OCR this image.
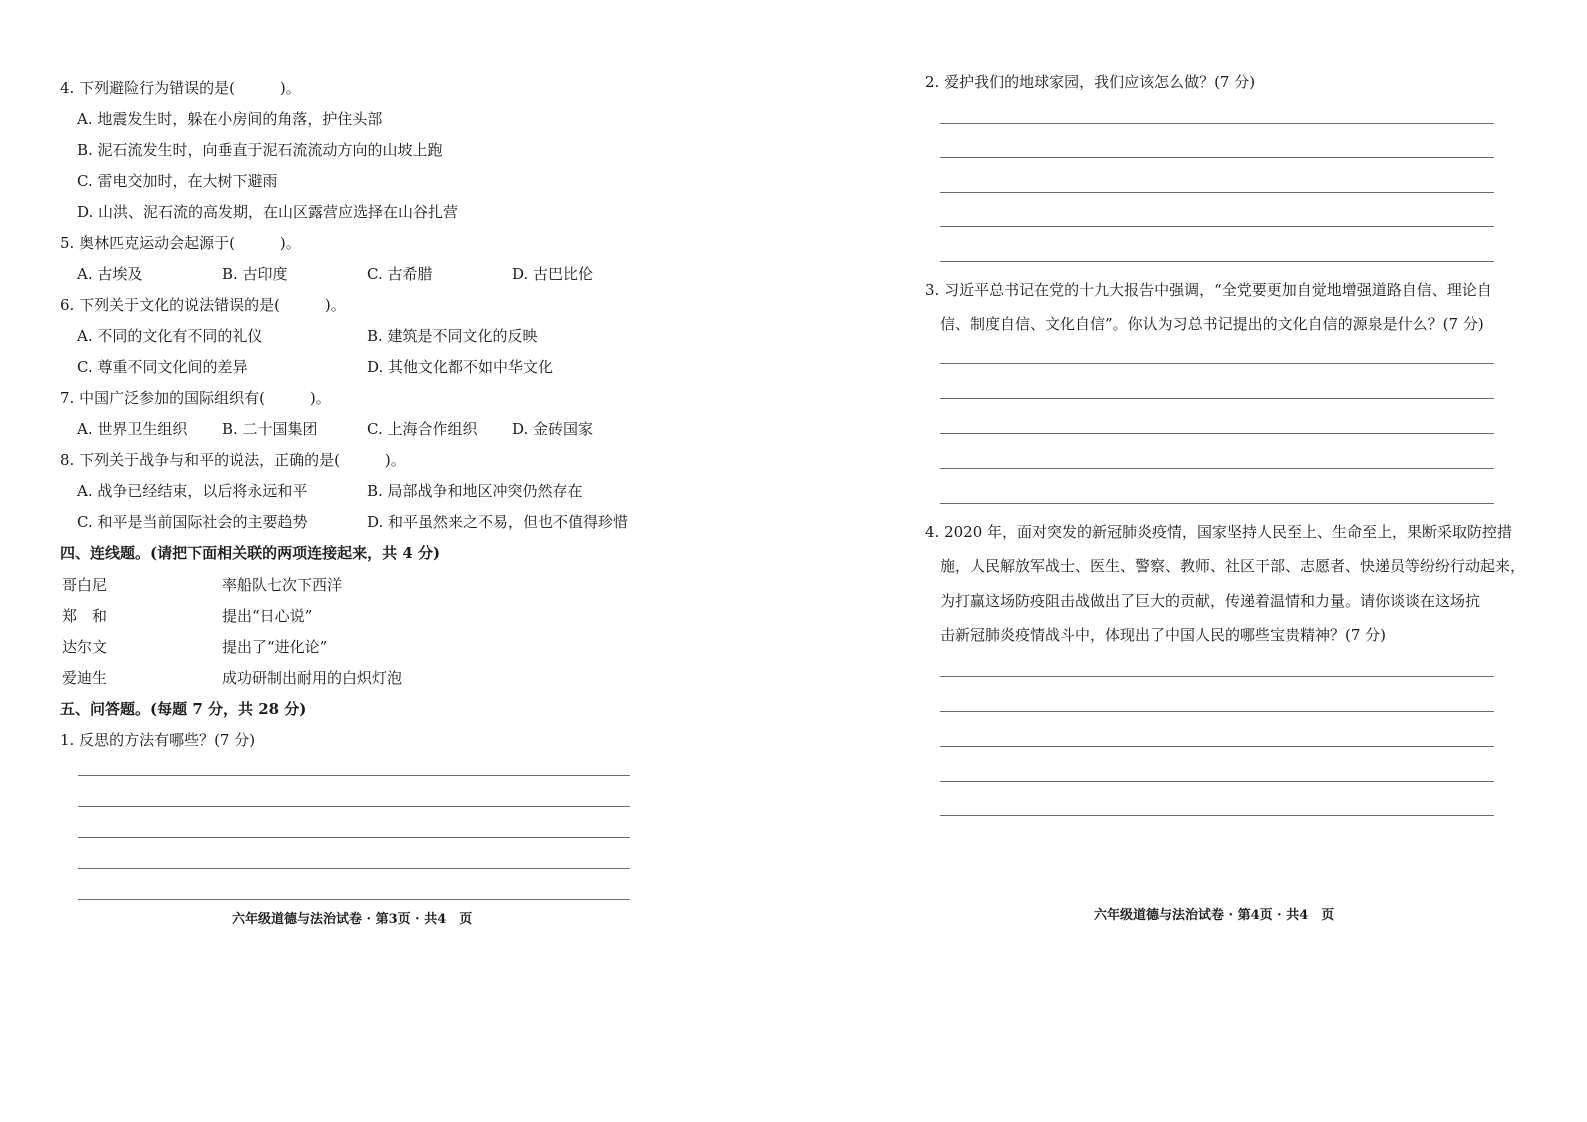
4. 下列避险行为错误的是(　　　)。
A. 地震发生时，躲在小房间的角落，护住头部
B. 泥石流发生时，向垂直于泥石流流动方向的山坡上跑
C. 雷电交加时，在大树下避雨
D. 山洪、泥石流的高发期，在山区露营应选择在山谷扎营
5. 奥林匹克运动会起源于(　　　)。
A. 古埃及	B. 古印度	C. 古希腊	D. 古巴比伦
6. 下列关于文化的说法错误的是(　　　)。
A. 不同的文化有不同的礼仪	B. 建筑是不同文化的反映
C. 尊重不同文化间的差异	D. 其他文化都不如中华文化
7. 中国广泛参加的国际组织有(　　　)。
A. 世界卫生组织 B. 二十国集团	C. 上海合作组织 D. 金砖国家
8. 下列关于战争与和平的说法，正确的是(　　　)。
A. 战争已经结束，以后将永远和平	B. 局部战争和地区冲突仍然存在
C. 和平是当前国际社会的主要趋势	D. 和平虽然来之不易，但也不值得珍惜
四、连线题。(请把下面相关联的两项连接起来，共 4 分)
哥白尼	率船队七次下西洋
郑　和	提出“日心说”
达尔文	提出了“进化论”
爱迪生	成功研制出耐用的白炽灯泡
五、问答题。(每题 7 分，共 28 分)
1. 反思的方法有哪些？(7 分)
六年级道德与法治试卷 · 第3页 · 共4　页
2. 爱护我们的地球家园，我们应该怎么做？(7 分)
3. 习近平总书记在党的十九大报告中强调，“全党要更加自觉地增强道路自信、理论自
信、制度自信、文化自信”。你认为习总书记提出的文化自信的源泉是什么？(7 分)
4. 2020 年，面对突发的新冠肺炎疫情，国家坚持人民至上、生命至上，果断采取防控措
施，人民解放军战士、医生、警察、教师、社区干部、志愿者、快递员等纷纷行动起来，
为打赢这场防疫阻击战做出了巨大的贡献，传递着温情和力量。请你谈谈在这场抗
击新冠肺炎疫情战斗中，体现出了中国人民的哪些宝贵精神？(7 分)
六年级道德与法治试卷 · 第4页 · 共4　页
